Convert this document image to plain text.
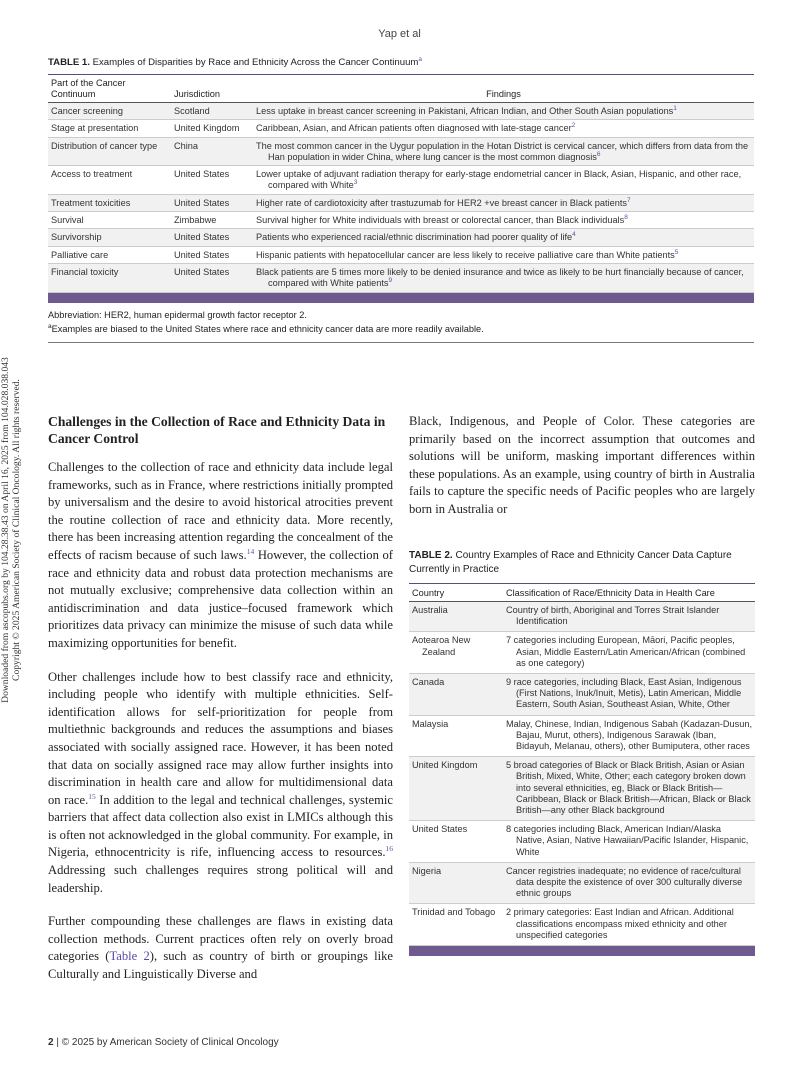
Downloaded from ascopubs.org by 104.28.38.43 on April 16, 2025 from 104.028.038.043 Copyright © 2025 American Society of Clinical Oncology. All rights reserved.
Yap et al
TABLE 1. Examples of Disparities by Race and Ethnicity Across the Cancer Continuum$^a$
Part of the Cancer Continuum	Jurisdiction	Findings

Cancer screening	Scotland	Less uptake in breast cancer screening in Pakistani, African Indian, and Other South Asian populations$^1$

Stage at presentation	United Kingdom	Caribbean, Asian, and African patients often diagnosed with late-stage cancer$^2$

Distribution of cancer type	China	The most common cancer in the Uygur population in the Hotan District is cervical cancer, which differs from data from the Han population in wider China, where lung cancer is the most common diagnosis$^6$

Access to treatment	United States	Lower uptake of adjuvant radiation therapy for early-stage endometrial cancer in Black, Asian, Hispanic, and other race, compared with White$^3$

Treatment toxicities	United States	Higher rate of cardiotoxicity after trastuzumab for HER2 +ve breast cancer in Black patients$^7$

Survival	Zimbabwe	Survival higher for White individuals with breast or colorectal cancer, than Black individuals$^8$

Survivorship	United States	Patients who experienced racial/ethnic discrimination had poorer quality of life$^4$

Palliative care	United States	Hispanic patients with hepatocellular cancer are less likely to receive palliative care than White patients$^5$

Financial toxicity	United States	Black patients are 5 times more likely to be denied insurance and twice as likely to be hurt financially because of cancer, compared with White patients$^9$
Abbreviation: HER2, human epidermal growth factor receptor 2.
$^a$Examples are biased to the United States where race and ethnicity cancer data are more readily available.
Challenges in the Collection of Race and Ethnicity Data in Cancer Control

Challenges to the collection of race and ethnicity data include legal frameworks, such as in France, where restrictions initially prompted by universalism and the desire to avoid historical atrocities prevent the routine collection of race and ethnicity data. More recently, there has been increasing attention regarding the concealment of the effects of racism because of such laws.$^{14}$ However, the collection of race and ethnicity data and robust data protection mechanisms are not mutually exclusive; comprehensive data collection within an antidiscrimination and data justice–focused framework which prioritizes data privacy can minimize the misuse of such data while maximizing opportunities for benefit.

Other challenges include how to best classify race and ethnicity, including people who identify with multiple ethnicities. Self-identification allows for self-prioritization for people from multiethnic backgrounds and reduces the assumptions and biases associated with socially assigned race. However, it has been noted that data on socially assigned race may allow further insights into discrimination in health care and allow for multidimensional data on race.$^{15}$ In addition to the legal and technical challenges, systemic barriers that affect data collection also exist in LMICs although this is often not acknowledged in the global community. For example, in Nigeria, ethnocentricity is rife, influencing access to resources.$^{16}$ Addressing such challenges requires strong political will and leadership.

Further compounding these challenges are flaws in existing data collection methods. Current practices often rely on overly broad categories (Table 2), such as country of birth or groupings like Culturally and Linguistically Diverse and

Black, Indigenous, and People of Color. These categories are primarily based on the incorrect assumption that outcomes and solutions will be uniform, masking important differences within these populations. As an example, using country of birth in Australia fails to capture the specific needs of Pacific peoples who are largely born in Australia or

TABLE 2. Country Examples of Race and Ethnicity Cancer Data Capture Currently in Practice
Country	Classification of Race/Ethnicity Data in Health Care

Australia	Country of birth, Aboriginal and Torres Strait Islander Identification

Aotearoa New Zealand	7 categories including European, Māori, Pacific peoples, Asian, Middle Eastern/Latin American/African (combined as one category)

Canada	9 race categories, including Black, East Asian, Indigenous (First Nations, Inuk/Inuit, Metis), Latin American, Middle Eastern, South Asian, Southeast Asian, White, Other

Malaysia	Malay, Chinese, Indian, Indigenous Sabah (Kadazan-Dusun, Bajau, Murut, others), Indigenous Sarawak (Iban, Bidayuh, Melanau, others), other Bumiputera, other races

United Kingdom	5 broad categories of Black or Black British, Asian or Asian British, Mixed, White, Other; each category broken down into several ethnicities, eg, Black or Black British—Caribbean, Black or Black British—African, Black or Black British—any other Black background

United States	8 categories including Black, American Indian/Alaska Native, Asian, Native Hawaiian/Pacific Islander, Hispanic, White

Nigeria	Cancer registries inadequate; no evidence of race/cultural data despite the existence of over 300 culturally diverse ethnic groups

Trinidad and Tobago	2 primary categories: East Indian and African. Additional classifications encompass mixed ethnicity and other unspecified categories
2 | © 2025 by American Society of Clinical Oncology
